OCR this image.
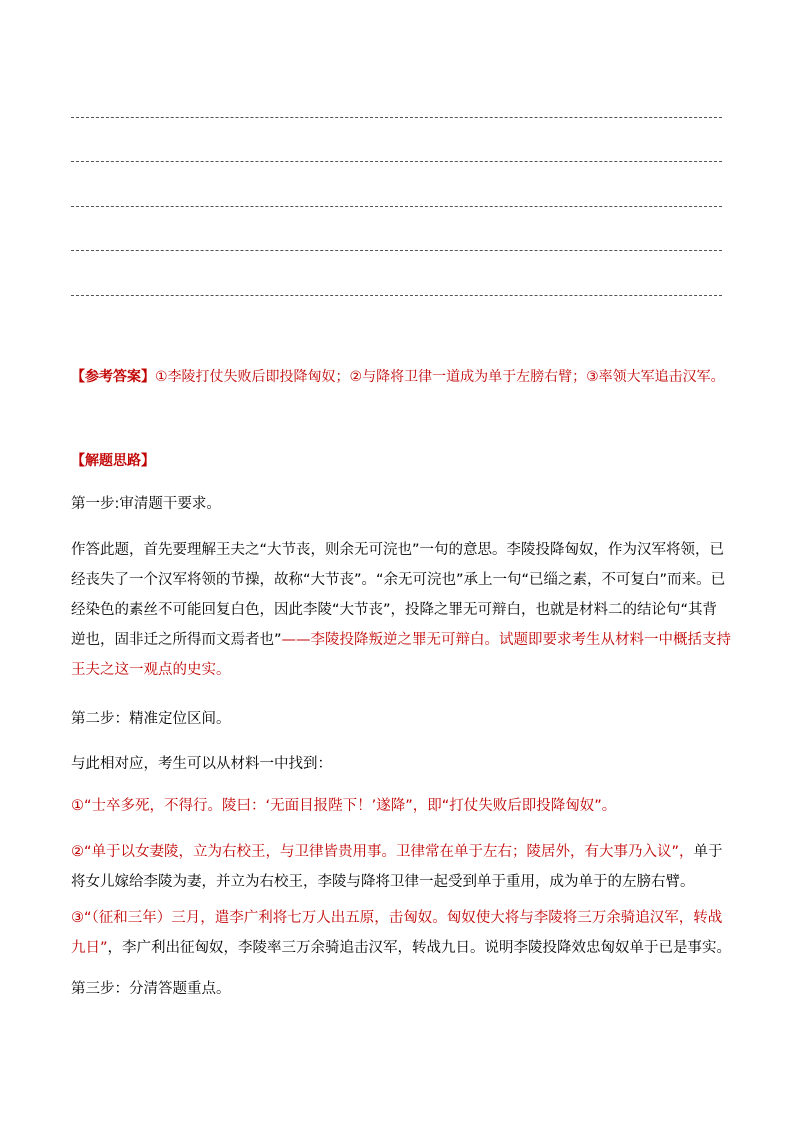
【参考答案】①李陵打仗失败后即投降匈奴；②与降将卫律一道成为单于左膀右臂；③率领大军追击汉军。
【解题思路】
第一步:审清题干要求。
作答此题，首先要理解王夫之“大节丧，则余无可浣也”一句的意思。李陵投降匈奴，作为汉军将领，已经丧失了一个汉军将领的节操，故称“大节丧”。“余无可浣也”承上一句“已缁之素，不可复白”而来。已经染色的素丝不可能回复白色，因此李陵“大节丧”，投降之罪无可辩白，也就是材料二的结论句“其背逆也，固非迁之所得而文焉者也”——李陵投降叛逆之罪无可辩白。试题即要求考生从材料一中概括支持王夫之这一观点的史实。
第二步：精准定位区间。
与此相对应，考生可以从材料一中找到：
①“士卒多死，不得行。陵曰：‘无面目报陛下！’遂降”，即“打仗失败后即投降匈奴”。
②“单于以女妻陵，立为右校王，与卫律皆贵用事。卫律常在单于左右；陵居外，有大事乃入议”，单于将女儿嫁给李陵为妻，并立为右校王，李陵与降将卫律一起受到单于重用，成为单于的左膀右臂。
③“（征和三年）三月，遣李广利将七万人出五原，击匈奴。匈奴使大将与李陵将三万余骑追汉军，转战九日”，李广利出征匈奴，李陵率三万余骑追击汉军，转战九日。说明李陵投降效忠匈奴单于已是事实。
第三步：分清答题重点。
